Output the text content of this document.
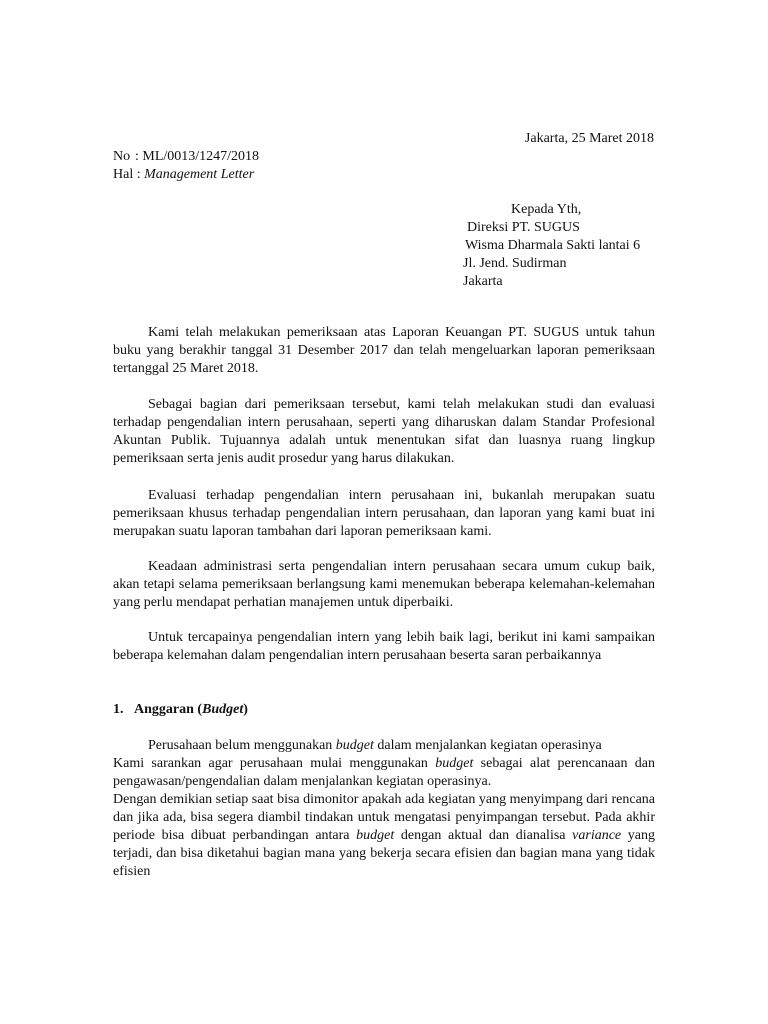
Jakarta, 25 Maret 2018
No : ML/0013/1247/2018
Hal : Management Letter
Kepada Yth,
Direksi PT. SUGUS
Wisma Dharmala Sakti lantai 6
Jl. Jend. Sudirman
Jakarta

Kami telah melakukan pemeriksaan atas Laporan Keuangan PT. SUGUS untuk tahun buku yang berakhir tanggal 31 Desember 2017 dan telah mengeluarkan laporan pemeriksaan tertanggal 25 Maret 2018.

Sebagai bagian dari pemeriksaan tersebut, kami telah melakukan studi dan evaluasi terhadap pengendalian intern perusahaan, seperti yang diharuskan dalam Standar Profesional Akuntan Publik. Tujuannya adalah untuk menentukan sifat dan luasnya ruang lingkup pemeriksaan serta jenis audit prosedur yang harus dilakukan.

Evaluasi terhadap pengendalian intern perusahaan ini, bukanlah merupakan suatu pemeriksaan khusus terhadap pengendalian intern perusahaan, dan laporan yang kami buat ini merupakan suatu laporan tambahan dari laporan pemeriksaan kami.

Keadaan administrasi serta pengendalian intern perusahaan secara umum cukup baik, akan tetapi selama pemeriksaan berlangsung kami menemukan beberapa kelemahan-kelemahan yang perlu mendapat perhatian manajemen untuk diperbaiki.

Untuk tercapainya pengendalian intern yang lebih baik lagi, berikut ini kami sampaikan beberapa kelemahan dalam pengendalian intern perusahaan beserta saran perbaikannya

1. Anggaran (Budget)

Perusahaan belum menggunakan budget dalam menjalankan kegiatan operasinya

Kami sarankan agar perusahaan mulai menggunakan budget sebagai alat perencanaan dan pengawasan/pengendalian dalam menjalankan kegiatan operasinya.

Dengan demikian setiap saat bisa dimonitor apakah ada kegiatan yang menyimpang dari rencana dan jika ada, bisa segera diambil tindakan untuk mengatasi penyimpangan tersebut. Pada akhir periode bisa dibuat perbandingan antara budget dengan aktual dan dianalisa variance yang terjadi, dan bisa diketahui bagian mana yang bekerja secara efisien dan bagian mana yang tidak efisien
